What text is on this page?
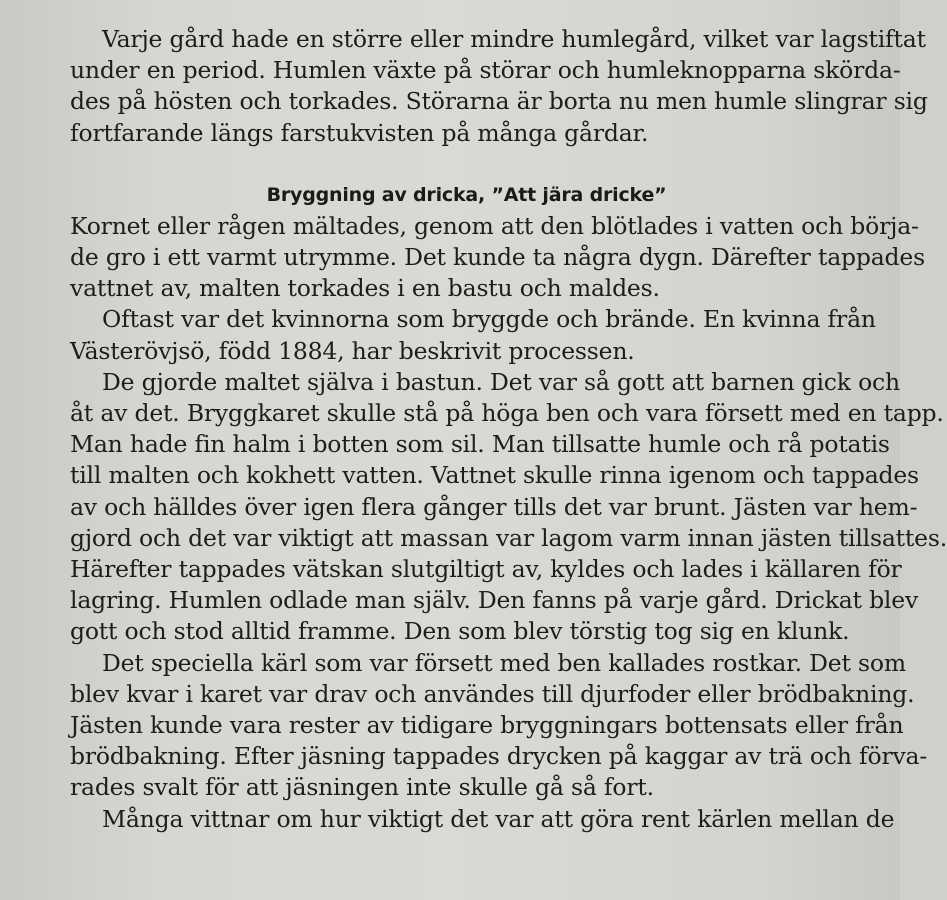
Varje gård hade en större eller mindre humlegård, vilket var lagstiftat
under en period. Humlen växte på störar och humleknopparna skörda-
des på hösten och torkades. Störarna är borta nu men humle slingrar sig
fortfarande längs farstukvisten på många gårdar.
Bryggning av dricka, ”Att jära dricke”
Kornet eller rågen mältades, genom att den blötlades i vatten och börja-
de gro i ett varmt utrymme. Det kunde ta några dygn. Därefter tappades
vattnet av, malten torkades i en bastu och maldes.
Oftast var det kvinnorna som bryggde och brände. En kvinna från
Västerövjsö, född 1884, har beskrivit processen.
De gjorde maltet själva i bastun. Det var så gott att barnen gick och
åt av det. Bryggkaret skulle stå på höga ben och vara försett med en tapp.
Man hade fin halm i botten som sil. Man tillsatte humle och rå potatis
till malten och kokhett vatten. Vattnet skulle rinna igenom och tappades
av och hälldes över igen flera gånger tills det var brunt. Jästen var hem-
gjord och det var viktigt att massan var lagom varm innan jästen tillsattes.
Härefter tappades vätskan slutgiltigt av, kyldes och lades i källaren för
lagring. Humlen odlade man själv. Den fanns på varje gård. Drickat blev
gott och stod alltid framme. Den som blev törstig tog sig en klunk.
Det speciella kärl som var försett med ben kallades rostkar. Det som
blev kvar i karet var drav och användes till djurfoder eller brödbakning.
Jästen kunde vara rester av tidigare bryggningars bottensats eller från
brödbakning. Efter jäsning tappades drycken på kaggar av trä och förva-
rades svalt för att jäsningen inte skulle gå så fort.
Många vittnar om hur viktigt det var att göra rent kärlen mellan de
